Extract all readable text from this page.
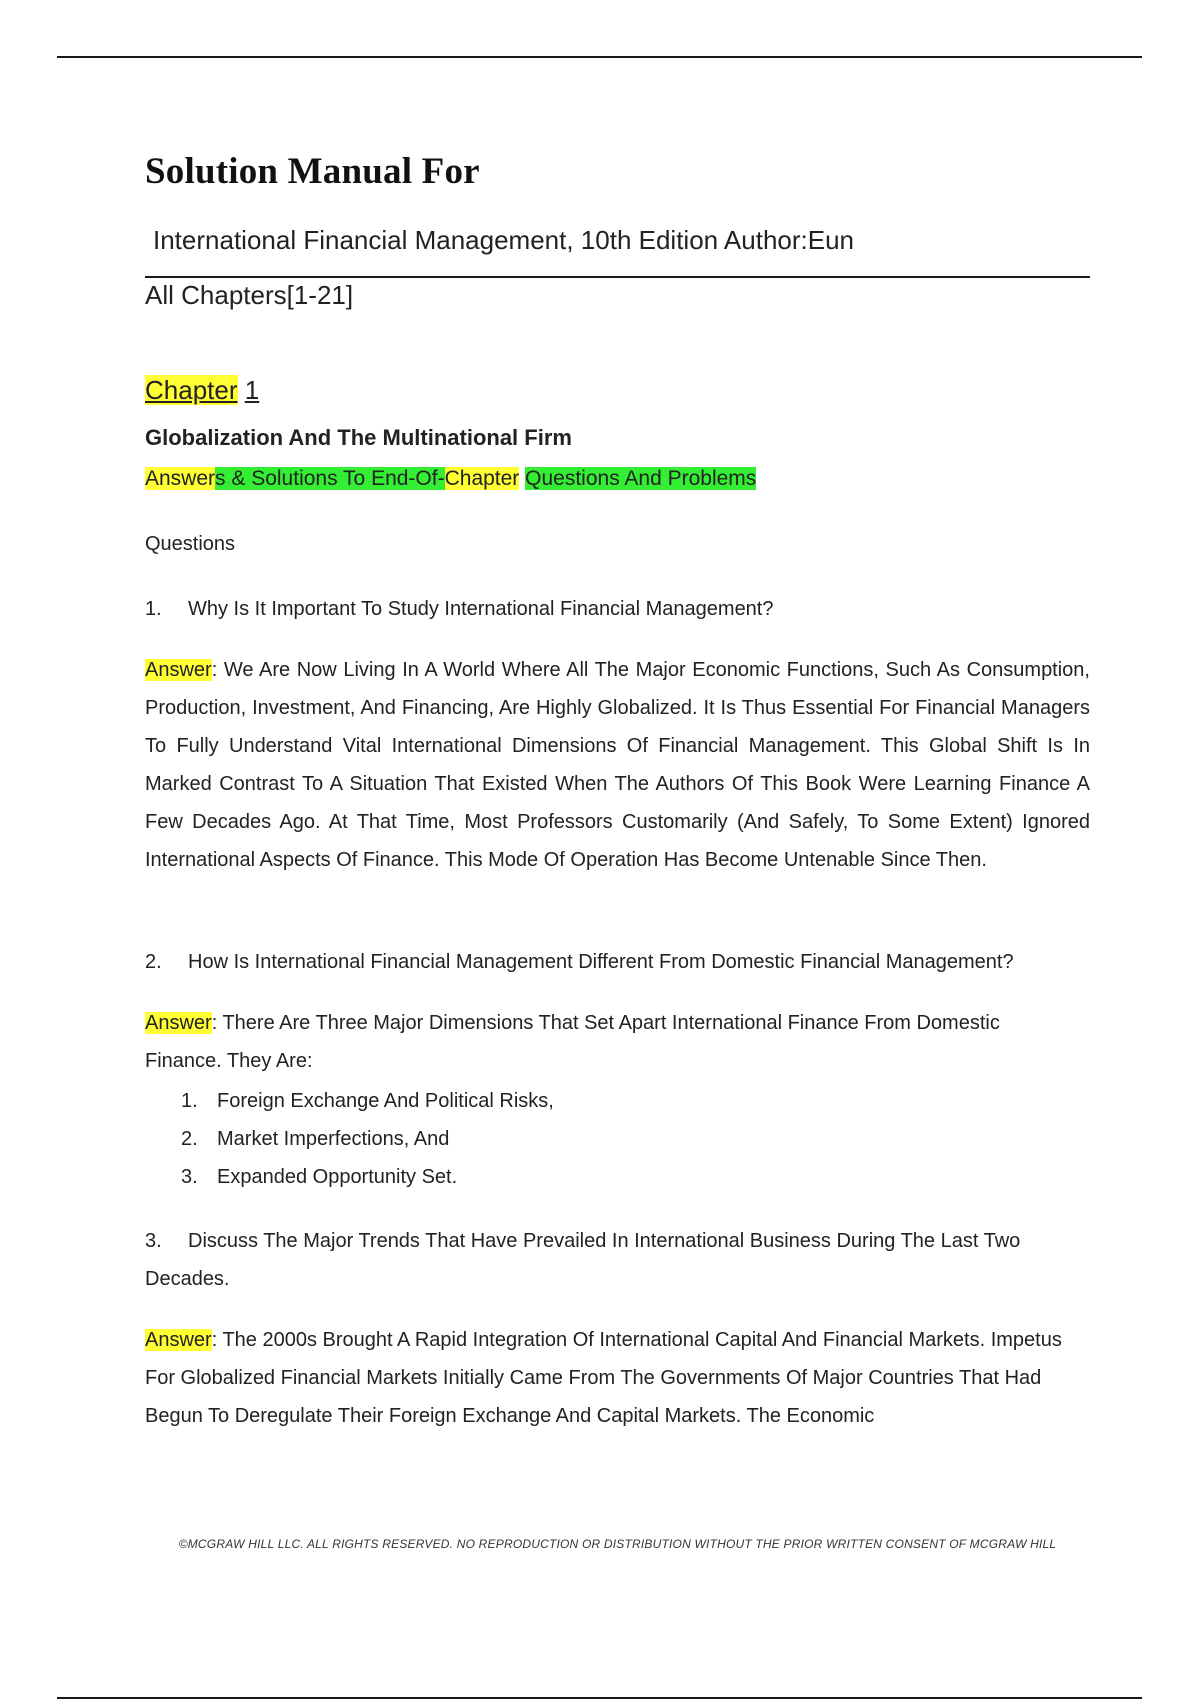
Solution Manual For
International Financial Management, 10th Edition Author:Eun
All Chapters[1-21]
Chapter 1
Globalization And The Multinational Firm
Answers & Solutions To End-Of-Chapter Questions And Problems
Questions
1. Why Is It Important To Study International Financial Management?
Answer: We Are Now Living In A World Where All The Major Economic Functions, Such As Consumption, Production, Investment, And Financing, Are Highly Globalized. It Is Thus Essential For Financial Managers To Fully Understand Vital International Dimensions Of Financial Management. This Global Shift Is In Marked Contrast To A Situation That Existed When The Authors Of This Book Were Learning Finance A Few Decades Ago. At That Time, Most Professors Customarily (And Safely, To Some Extent) Ignored International Aspects Of Finance. This Mode Of Operation Has Become Untenable Since Then.
2. How Is International Financial Management Different From Domestic Financial Management?
Answer: There Are Three Major Dimensions That Set Apart International Finance From Domestic Finance. They Are:
1. Foreign Exchange And Political Risks,
2. Market Imperfections, And
3. Expanded Opportunity Set.
3. Discuss The Major Trends That Have Prevailed In International Business During The Last Two Decades.
Answer: The 2000s Brought A Rapid Integration Of International Capital And Financial Markets. Impetus For Globalized Financial Markets Initially Came From The Governments Of Major Countries That Had Begun To Deregulate Their Foreign Exchange And Capital Markets. The Economic
©MCGRAW HILL LLC. ALL RIGHTS RESERVED. NO REPRODUCTION OR DISTRIBUTION WITHOUT THE PRIOR WRITTEN CONSENT OF MCGRAW HILL
